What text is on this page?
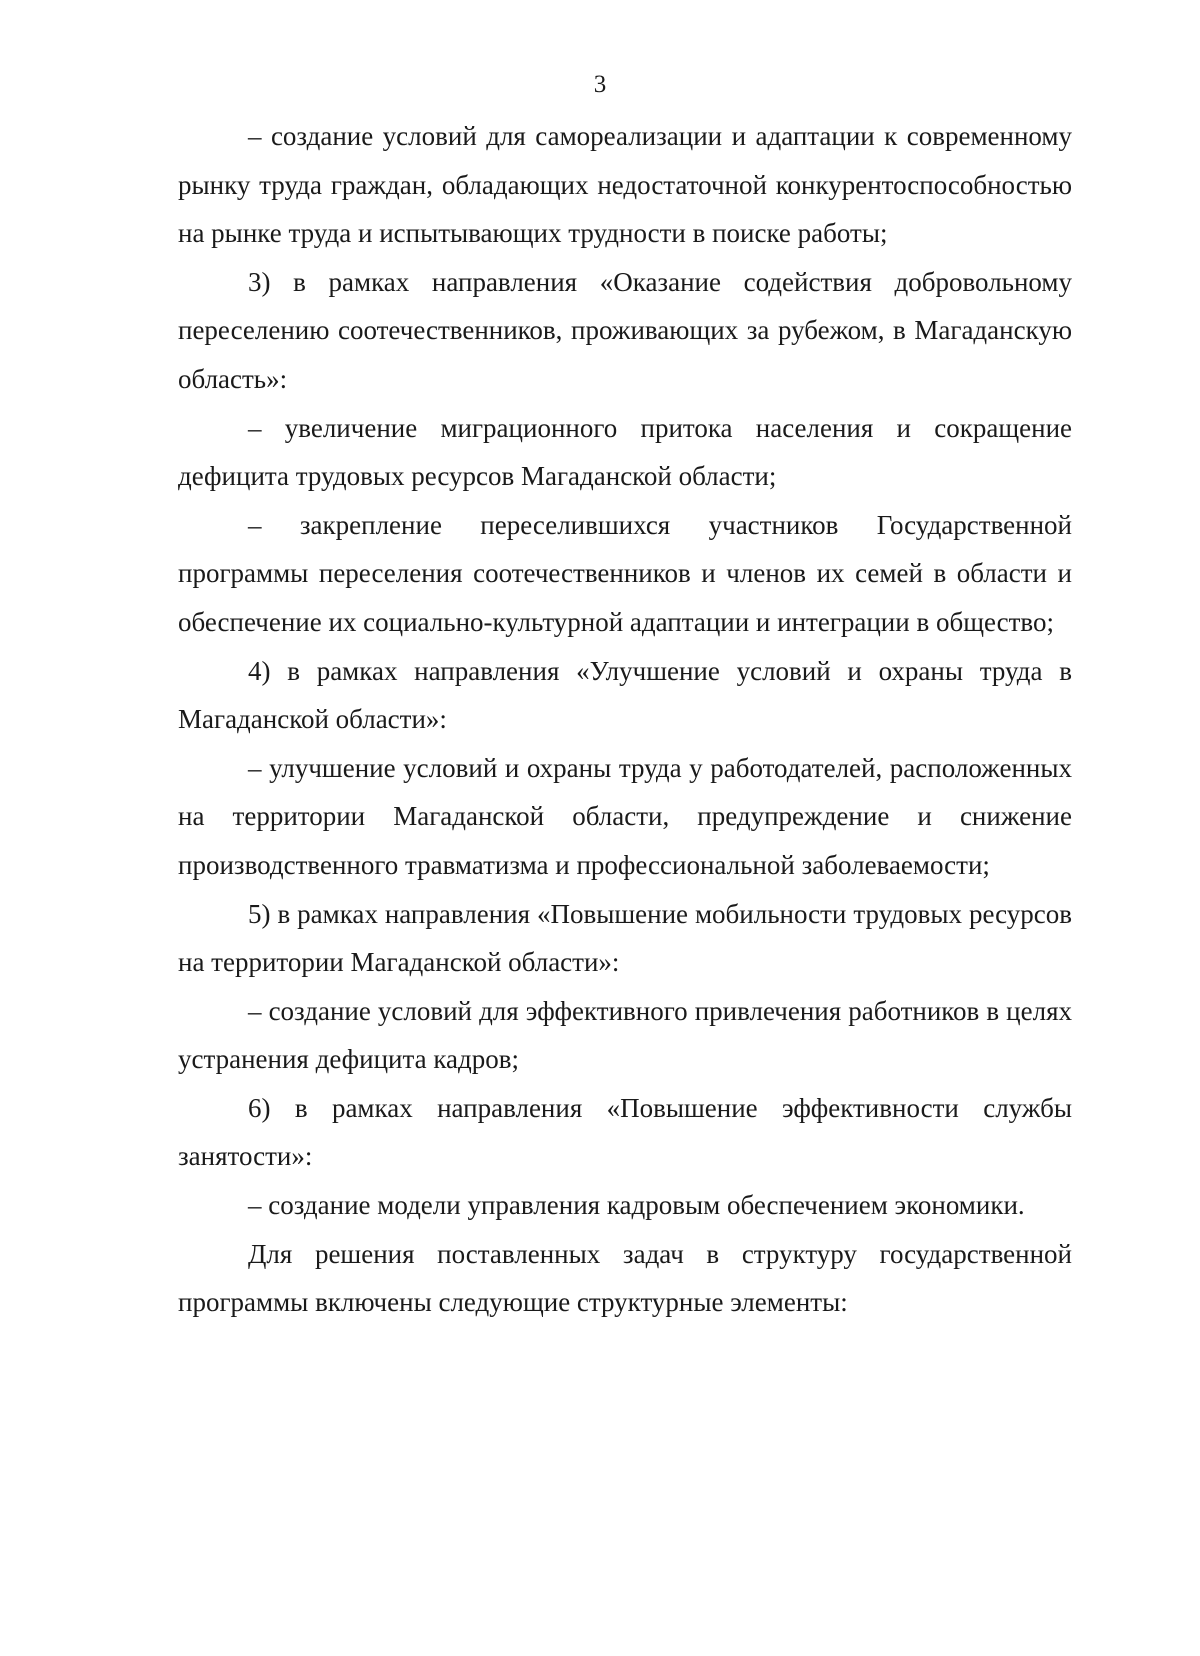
3

– создание условий для самореализации и адаптации к современному рынку труда граждан, обладающих недостаточной конкурентоспособностью на рынке труда и испытывающих трудности в поиске работы;

3) в рамках направления «Оказание содействия добровольному переселению соотечественников, проживающих за рубежом, в Магаданскую область»:

– увеличение миграционного притока населения и сокращение дефицита трудовых ресурсов Магаданской области;

– закрепление переселившихся участников Государственной программы переселения соотечественников и членов их семей в области и обеспечение их социально-культурной адаптации и интеграции в общество;

4) в рамках направления «Улучшение условий и охраны труда в Магаданской области»:

– улучшение условий и охраны труда у работодателей, расположенных на территории Магаданской области, предупреждение и снижение производственного травматизма и профессиональной заболеваемости;

5) в рамках направления «Повышение мобильности трудовых ресурсов на территории Магаданской области»:

– создание условий для эффективного привлечения работников в целях устранения дефицита кадров;

6) в рамках направления «Повышение эффективности службы занятости»:

– создание модели управления кадровым обеспечением экономики.

Для решения поставленных задач в структуру государственной программы включены следующие структурные элементы:
